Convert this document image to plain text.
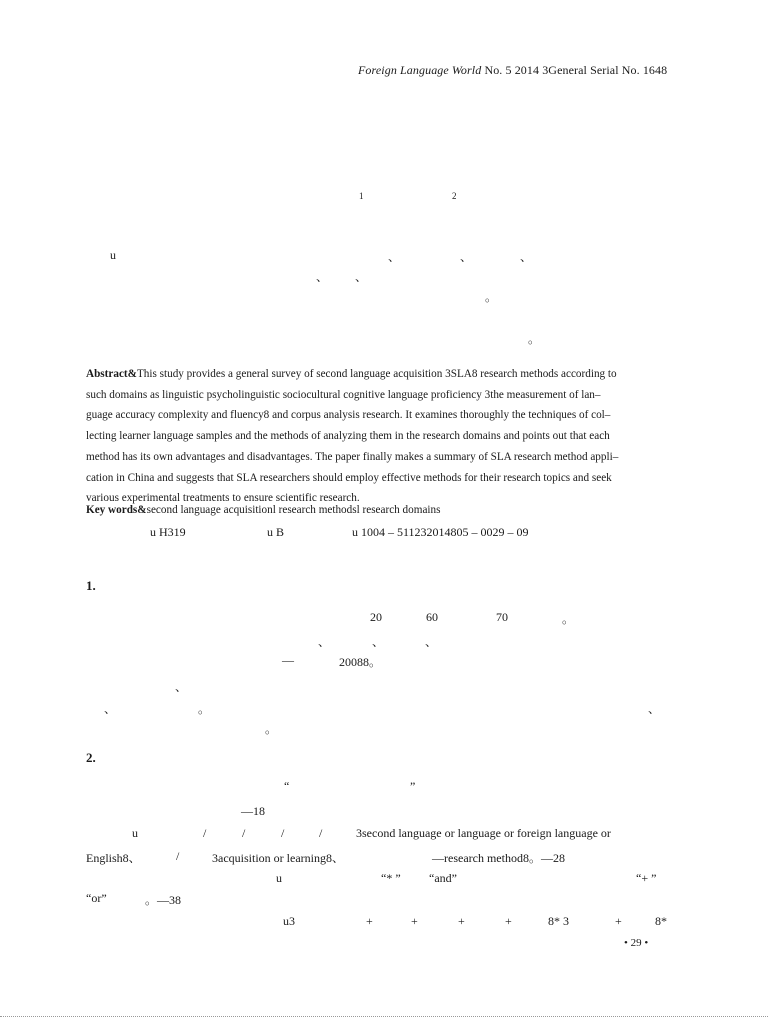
Foreign Language World No. 5 2014 3General Serial No. 1648
1	2
u	、	、	、
、 、
。
。
Abstract&This study provides a general survey of second language acquisition 3SLA8 research methods according to
such domains as linguistic psycholinguistic sociocultural cognitive language proficiency 3the measurement of lan–
guage accuracy complexity and fluency8 and corpus analysis research. It examines thoroughly the techniques of col–
lecting learner language samples and the methods of analyzing them in the research domains and points out that each
method has its own advantages and disadvantages. The paper finally makes a summary of SLA research method appli–
cation in China and suggests that SLA researchers should employ effective methods for their research topics and seek
various experimental treatments to ensure scientific research.
Key words&second language acquisitionl research methodsl research domains
u H319	u B	u 1004 – 511232014805 – 0029 – 09
1.
20	60	70	。
、	、	、
—	20088。
、
、	。	、
。
2.
“	”
—18
u	/	/	/	/	3second language or language or foreign language or
English8、	/	3acquisition or learning8、	—research method8。—28
u	“* ” “and”	“+ ”
“or”	。—38
u3	+	+	+	+	8* 3	+	8*
• 29 •
